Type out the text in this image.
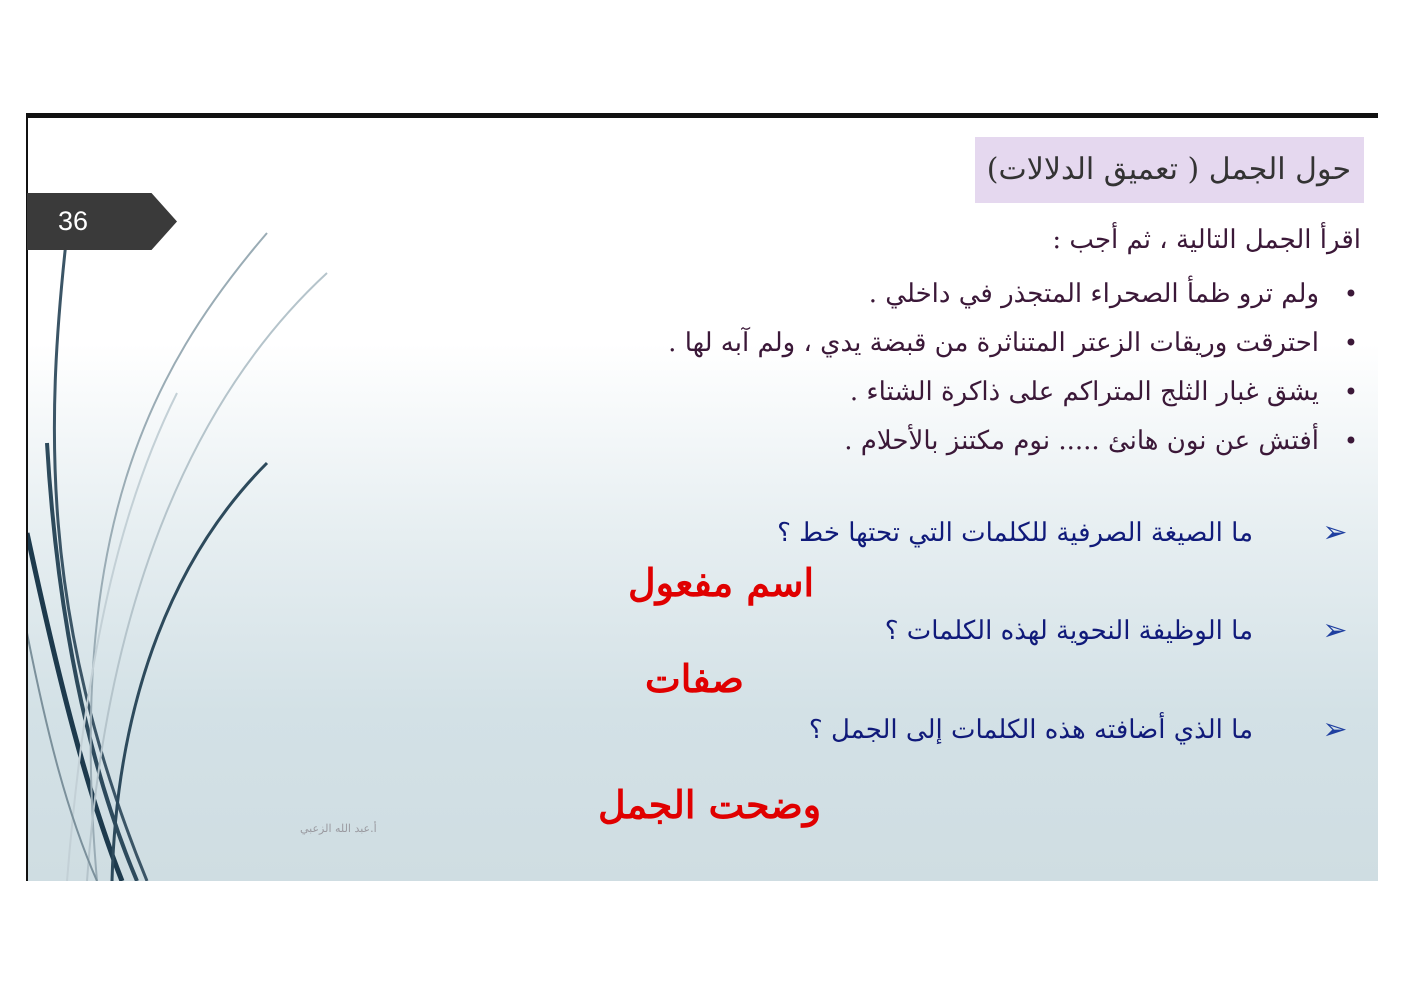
36
حول الجمل ( تعميق الدلالات)
اقرأ الجمل التالية ، ثم أجب :
•
ولم ترو ظمأ الصحراء المتجذر في داخلي .
•
احترقت وريقات الزعتر المتناثرة من قبضة يدي ، ولم آبه لها .
•
يشق غبار الثلج المتراكم على ذاكرة الشتاء .
•
أفتش عن نون هانئ ..... نوم مكتنز بالأحلام .
➢
ما الصيغة الصرفية للكلمات التي تحتها خط ؟
➢
ما الوظيفة النحوية لهذه الكلمات ؟
➢
ما الذي أضافته هذه الكلمات إلى الجمل ؟
اسم مفعول
صفات
وضحت الجمل
أ.عبد الله الزعبي
